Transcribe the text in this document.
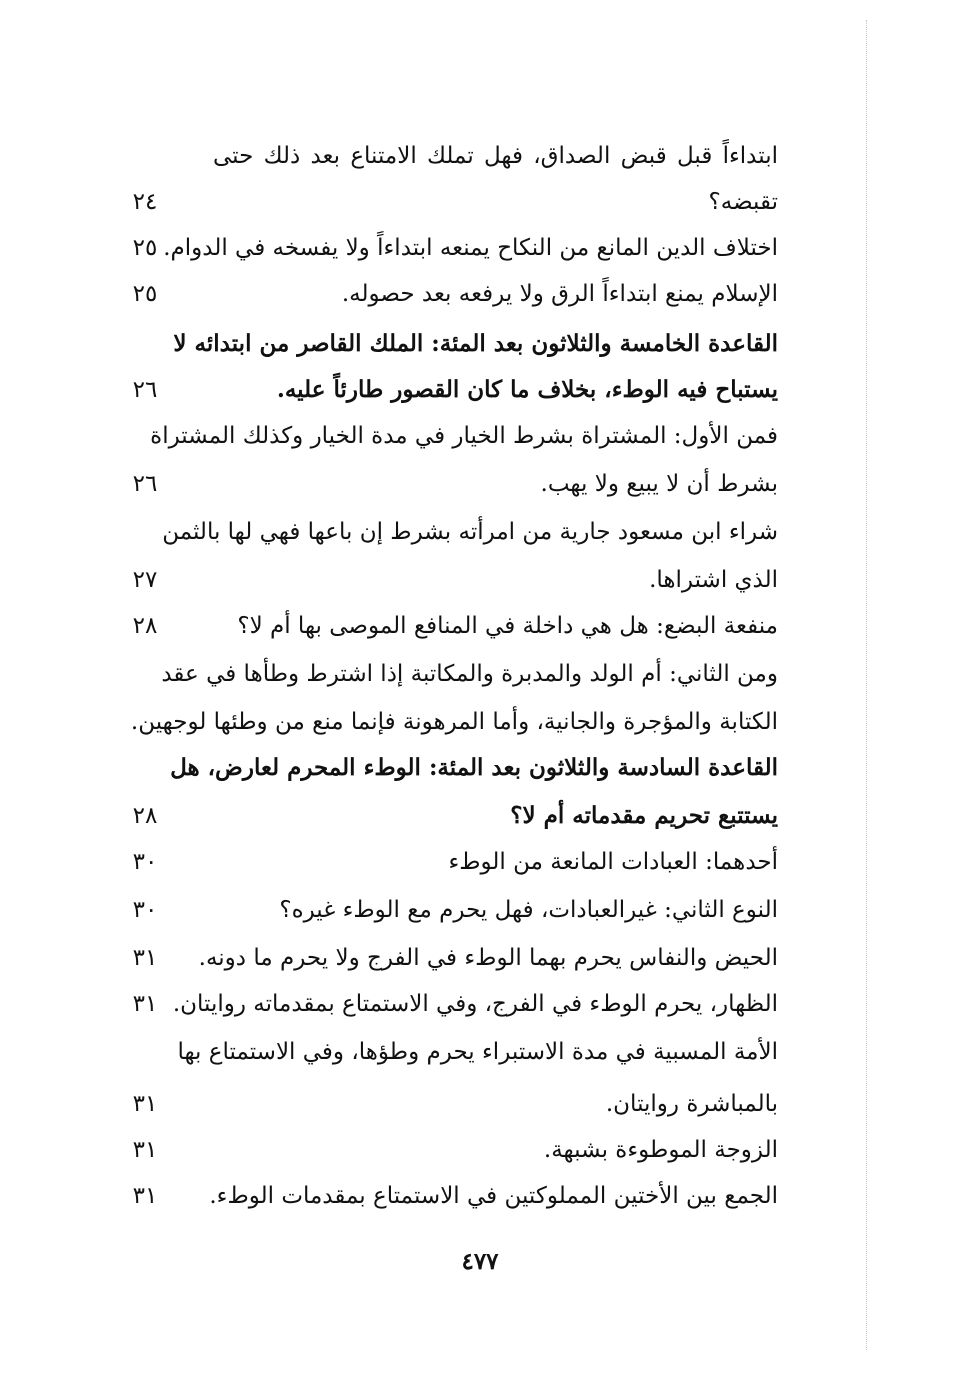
ابتداءاً قبل قبض الصداق، فهل تملك الامتناع بعد ذلك حتى
تقبضه؟
٢٤
اختلاف الدين المانع من النكاح يمنعه ابتداءاً ولا يفسخه في الدوام.
٢٥
الإسلام يمنع ابتداءاً الرق ولا يرفعه بعد حصوله.
٢٥
القاعدة الخامسة والثلاثون بعد المئة: الملك القاصر من ابتدائه لا
يستباح فيه الوطء، بخلاف ما كان القصور طارئاً عليه.
٢٦
فمن الأول: المشتراة بشرط الخيار في مدة الخيار وكذلك المشتراة
بشرط أن لا يبيع ولا يهب.
٢٦
شراء ابن مسعود جارية من امرأته بشرط إن باعها فهي لها بالثمن
الذي اشتراها.
٢٧
منفعة البضع: هل هي داخلة في المنافع الموصى بها أم لا؟
٢٨
ومن الثاني: أم الولد والمدبرة والمكاتبة إذا اشترط وطأها في عقد
الكتابة والمؤجرة والجانية، وأما المرهونة فإنما منع من وطئها لوجهين.
القاعدة السادسة والثلاثون بعد المئة: الوطء المحرم لعارض، هل
يستتبع تحريم مقدماته أم لا؟
٢٨
أحدهما: العبادات المانعة من الوطء
٣٠
النوع الثاني: غيرالعبادات، فهل يحرم مع الوطء غيره؟
٣٠
الحيض والنفاس يحرم بهما الوطء في الفرج ولا يحرم ما دونه.
٣١
الظهار، يحرم الوطء في الفرج، وفي الاستمتاع بمقدماته روايتان.
٣١
الأمة المسبية في مدة الاستبراء يحرم وطؤها، وفي الاستمتاع بها
بالمباشرة روايتان.
٣١
الزوجة الموطوءة بشبهة.
٣١
الجمع بين الأختين المملوكتين في الاستمتاع بمقدمات الوطء.
٣١
٤٧٧
